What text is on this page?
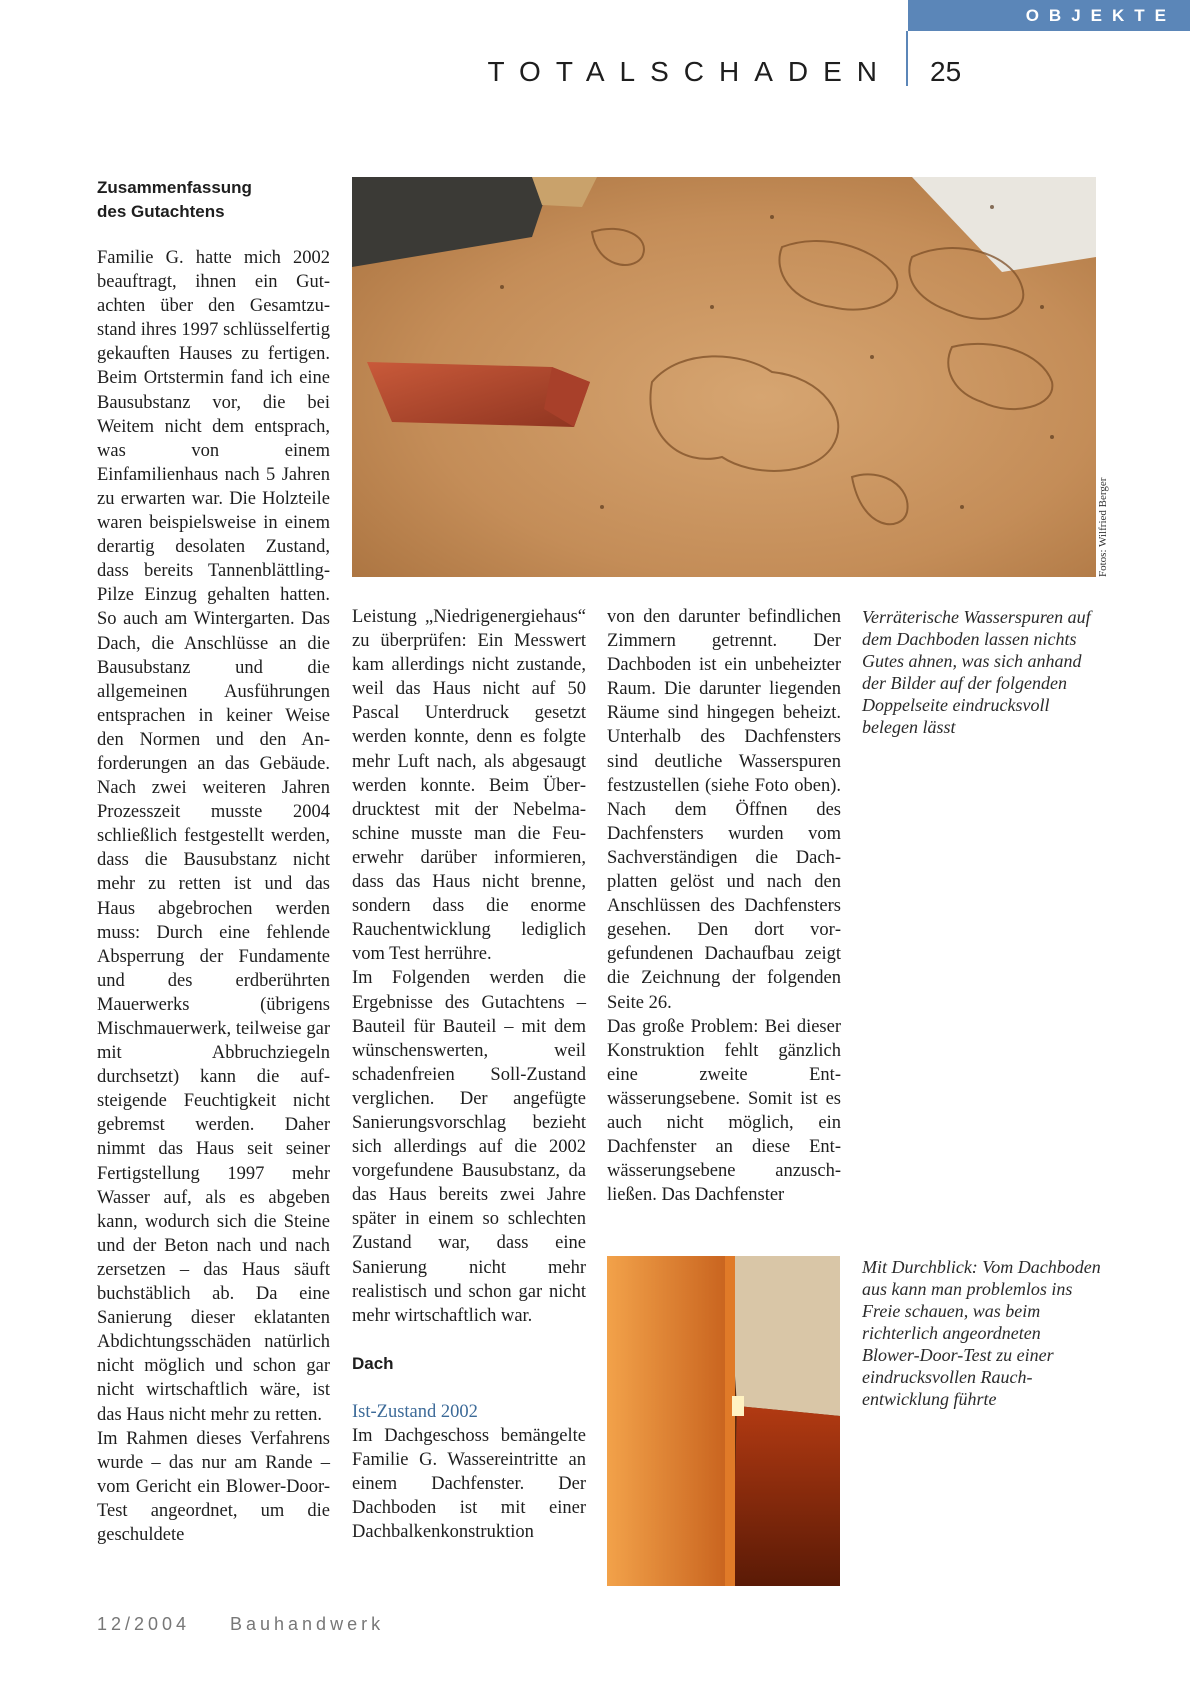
OBJEKTE
TOTALSCHADEN 25
Zusammenfassung
des Gutachtens
Fotos: Wilfried Berger
Verräterische Wasserspuren auf dem Dachboden lassen nichts Gutes ahnen, was sich anhand der Bilder auf der folgenden Doppelseite eindrucksvoll belegen lässt

Familie G. hatte mich 2002 beauftragt, ihnen ein Gutachten über den Gesamtzustand ihres 1997 schlüsselfertig gekauften Hauses zu fertigen. Beim Ortstermin fand ich eine Bausubstanz vor, die bei Weitem nicht dem entsprach, was von einem Einfamilienhaus nach 5 Jahren zu erwarten war. Die Holzteile waren beispielsweise in einem derartig desolaten Zustand, dass bereits Tannenblättling-Pilze Einzug gehalten hatten. So auch am Wintergarten. Das Dach, die Anschlüsse an die Bausubstanz und die allgemeinen Ausführungen entsprachen in keiner Weise den Normen und den Anforderungen an das Gebäude. Nach zwei weiteren Jahren Prozesszeit musste 2004 schließlich festgestellt werden, dass die Bausubstanz nicht mehr zu retten ist und das Haus abgebrochen werden muss: Durch eine fehlende Absperrung der Fundamente und des erdberührten Mauerwerks (übrigens Mischmauerwerk, teilweise gar mit Abbruchziegeln durchsetzt) kann die aufsteigende Feuchtigkeit nicht gebremst werden. Daher nimmt das Haus seit seiner Fertigstellung 1997 mehr Wasser auf, als es abgeben kann, wodurch sich die Steine und der Beton nach und nach zersetzen – das Haus säuft buchstäblich ab. Da eine Sanierung dieser eklatanten Abdichtungsschäden natürlich nicht möglich und schon gar nicht wirtschaftlich wäre, ist das Haus nicht mehr zu retten.

Im Rahmen dieses Verfahrens wurde – das nur am Rande – vom Gericht ein Blower-Door-Test angeordnet, um die geschuldete

Leistung „Niedrigenergiehaus“ zu überprüfen: Ein Messwert kam allerdings nicht zustande, weil das Haus nicht auf 50 Pascal Unterdruck gesetzt werden konnte, denn es folgte mehr Luft nach, als abgesaugt werden konnte. Beim Überdrucktest mit der Nebelmaschine musste man die Feuerwehr darüber informieren, dass das Haus nicht brenne, sondern dass die enorme Rauchentwicklung lediglich vom Test herrühre.

Im Folgenden werden die Ergebnisse des Gutachtens – Bauteil für Bauteil – mit dem wünschenswerten, weil schadenfreien Soll-Zustand verglichen. Der angefügte Sanierungsvorschlag bezieht sich allerdings auf die 2002 vorgefundene Bausubstanz, da das Haus bereits zwei Jahre später in einem so schlechten Zustand war, dass eine Sanierung nicht mehr realistisch und schon gar nicht mehr wirtschaftlich war.

Dach

Ist-Zustand 2002

Im Dachgeschoss bemängelte Familie G. Wassereintritte an einem Dachfenster. Der Dachboden ist mit einer Dachbalkenkonstruktion

von den darunter befindlichen Zimmern getrennt. Der Dachboden ist ein unbeheizter Raum. Die darunter liegenden Räume sind hingegen beheizt. Unterhalb des Dachfensters sind deutliche Wasserspuren festzustellen (siehe Foto oben). Nach dem Öffnen des Dachfensters wurden vom Sachverständigen die Dachplatten gelöst und nach den Anschlüssen des Dachfensters gesehen. Den dort vorgefundenen Dachaufbau zeigt die Zeichnung der folgenden Seite 26.

Das große Problem: Bei dieser Konstruktion fehlt gänzlich eine zweite Entwässerungsebene. Somit ist es auch nicht möglich, ein Dachfenster an diese Entwässerungsebene anzuschließen. Das Dachfenster

Mit Durchblick: Vom Dachboden aus kann man problemlos ins Freie schauen, was beim richterlich angeordneten Blower-Door-Test zu einer eindrucksvollen Rauchentwicklung führte
12/2004 Bauhandwerk
